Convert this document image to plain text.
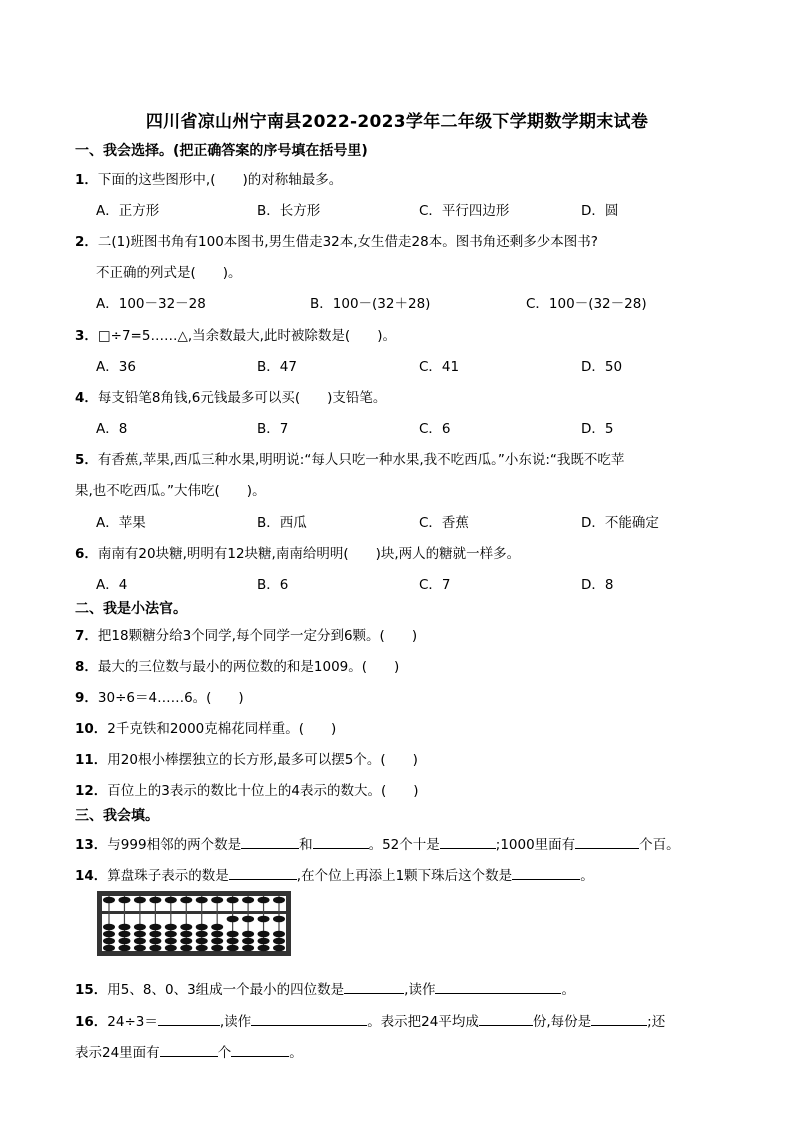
四川省凉山州宁南县2022-2023学年二年级下学期数学期末试卷
一、我会选择。(把正确答案的序号填在括号里)
1．下面的这些图形中,(　　)的对称轴最多。
A．正方形	B．长方形	C．平行四边形	D．圆
2．二(1)班图书角有100本图书,男生借走32本,女生借走28本。图书角还剩多少本图书?
不正确的列式是(　　)。
A．100－32－28	B．100－(32＋28)	C．100－(32－28)
3．□÷7=5……△,当余数最大,此时被除数是(　　)。
A．36	B．47	C．41	D．50
4．每支铅笔8角钱,6元钱最多可以买(　　)支铅笔。
A．8	B．7	C．6	D．5
5．有香蕉,苹果,西瓜三种水果,明明说:“每人只吃一种水果,我不吃西瓜。”小东说:“我既不吃苹
果,也不吃西瓜。”大伟吃(　　)。
A．苹果	B．西瓜	C．香蕉	D．不能确定
6．南南有20块糖,明明有12块糖,南南给明明(　　)块,两人的糖就一样多。
A．4	B．6	C．7	D．8
二、我是小法官。
7．把18颗糖分给3个同学,每个同学一定分到6颗。(　　)
8．最大的三位数与最小的两位数的和是1009。(　　)
9．30÷6＝4……6。(　　)
10．2千克铁和2000克棉花同样重。(　　)
11．用20根小棒摆独立的长方形,最多可以摆5个。(　　)
12．百位上的3表示的数比十位上的4表示的数大。(　　)
三、我会填。
13．与999相邻的两个数是	和	。52个十是	;1000里面有	个百。
14．算盘珠子表示的数是	,在个位上再添上1颗下珠后这个数是	。
15．用5、8、0、3组成一个最小的四位数是	,读作	。
16．24÷3＝	,读作	。表示把24平均成	份,每份是	;还
表示24里面有	个	。
